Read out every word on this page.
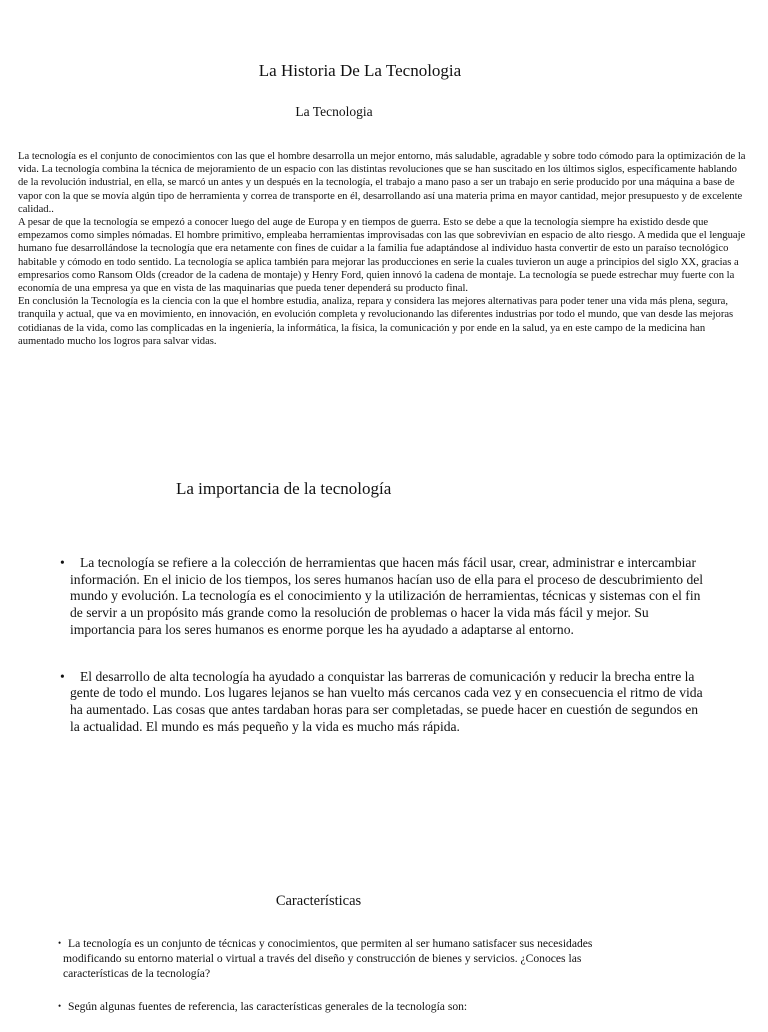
La Historia De La Tecnologia
La Tecnologia

La tecnología es el conjunto de conocimientos con las que el hombre desarrolla un mejor entorno, más saludable, agradable y sobre todo cómodo para la optimización de la vida. La tecnología combina la técnica de mejoramiento de un espacio con las distintas revoluciones que se han suscitado en los últimos siglos, específicamente hablando de la revolución industrial, en ella, se marcó un antes y un después en la tecnología, el trabajo a mano paso a ser un trabajo en serie producido por una máquina a base de vapor con la que se movía algún tipo de herramienta y correa de transporte en él, desarrollando así una materia prima en mayor cantidad, mejor presupuesto y de excelente calidad..

A pesar de que la tecnología se empezó a conocer luego del auge de Europa y en tiempos de guerra. Esto se debe a que la tecnología siempre ha existido desde que empezamos como simples nómadas. El hombre primitivo, empleaba herramientas improvisadas con las que sobrevivían en espacio de alto riesgo. A medida que el lenguaje humano fue desarrollándose la tecnología que era netamente con fines de cuidar a la familia fue adaptándose al individuo hasta convertir de esto un paraíso tecnológico habitable y cómodo en todo sentido. La tecnología se aplica también para mejorar las producciones en serie la cuales tuvieron un auge a principios del siglo XX, gracias a empresarios como Ransom Olds (creador de la cadena de montaje) y Henry Ford, quien innovó la cadena de montaje. La tecnología se puede estrechar muy fuerte con la economía de una empresa ya que en vista de las maquinarias que pueda tener dependerá su producto final.

En conclusión la Tecnología es la ciencia con la que el hombre estudia, analiza, repara y considera las mejores alternativas para poder tener una vida más plena, segura, tranquila y actual, que va en movimiento, en innovación, en evolución completa y revolucionando las diferentes industrias por todo el mundo, que van desde las mejoras cotidianas de la vida, como las complicadas en la ingeniería, la informática, la física, la comunicación y por ende en la salud, ya en este campo de la medicina han aumentado mucho los logros para salvar vidas.

La importancia de la tecnología
•	La tecnología se refiere a la colección de herramientas que hacen más fácil usar, crear, administrar e intercambiar información. En el inicio de los tiempos, los seres humanos hacían uso de ella para el proceso de descubrimiento del mundo y evolución. La tecnología es el conocimiento y la utilización de herramientas, técnicas y sistemas con el fin de servir a un propósito más grande como la resolución de problemas o hacer la vida más fácil y mejor. Su importancia para los seres humanos es enorme porque les ha ayudado a adaptarse al entorno.
•	El desarrollo de alta tecnología ha ayudado a conquistar las barreras de comunicación y reducir la brecha entre la gente de todo el mundo. Los lugares lejanos se han vuelto más cercanos cada vez y en consecuencia el ritmo de vida ha aumentado. Las cosas que antes tardaban horas para ser completadas, se puede hacer en cuestión de segundos en la actualidad. El mundo es más pequeño y la vida es mucho más rápida.
Características
• La tecnología es un conjunto de técnicas y conocimientos, que permiten al ser humano satisfacer sus necesidades modificando su entorno material o virtual a través del diseño y construcción de bienes y servicios. ¿Conoces las características de la tecnología?
• Según algunas fuentes de referencia, las características generales de la tecnología son:
